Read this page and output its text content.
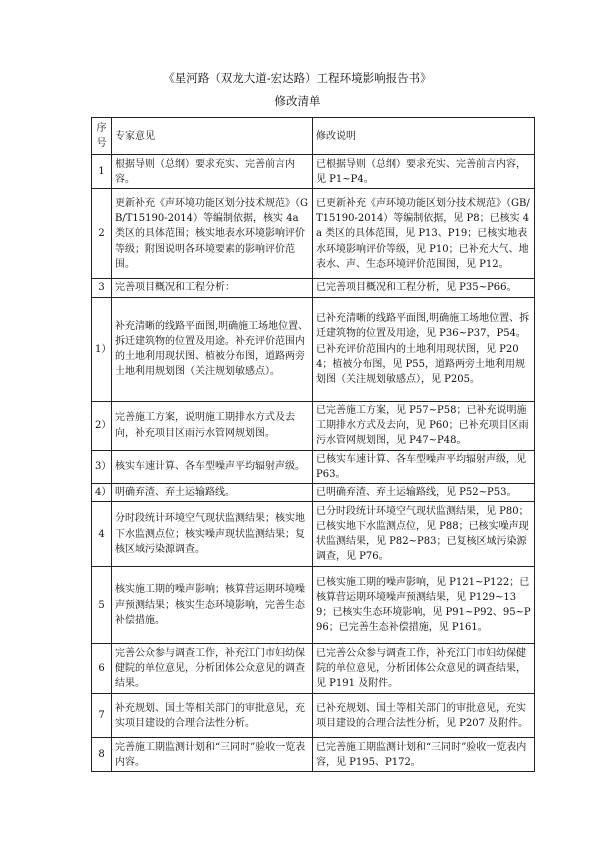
《星河路（双龙大道-宏达路）工程环境影响报告书》
修改清单
序号	专家意见	修改说明
1	根据导则（总纲）要求充实、完善前言内容。	已根据导则（总纲）要求充实、完善前言内容，见 P1~P4。
2	更新补充《声环境功能区划分技术规范》（GB/T15190-2014）等编制依据，核实 4a 类区的具体范围；核实地表水环境影响评价等级；附图说明各环境要素的影响评价范围。	已更新补充《声环境功能区划分技术规范》（GB/T15190-2014）等编制依据，见 P8；已核实 4a 类区的具体范围，见 P13、P19；已核实地表水环境影响评价等级，见 P10；已补充大气、地表水、声、生态环境评价范围图，见 P12。
3	完善项目概况和工程分析：	已完善项目概况和工程分析，见 P35~P66。
1）	补充清晰的线路平面图,明确施工场地位置、拆迁建筑物的位置及用途。补充评价范围内的土地利用现状图、植被分布图，道路两旁土地利用规划图（关注规划敏感点）。	已补充清晰的线路平面图,明确施工场地位置、拆迁建筑物的位置及用途，见 P36~P37，P54。已补充评价范围内的土地利用现状图，见 P204；植被分布图，见 P55，道路两旁土地利用规划图（关注规划敏感点），见 P205。
2）	完善施工方案，说明施工期排水方式及去向，补充项目区雨污水管网规划图。	已完善施工方案，见 P57~P58；已补充说明施工期排水方式及去向，见 P60；已补充项目区雨污水管网规划图，见 P47~P48。
3）	核实车速计算、各车型噪声平均辐射声级。	已核实车速计算、各车型噪声平均辐射声级，见 P63。
4）	明确弃渣、弃土运输路线。	已明确弃渣、弃土运输路线，见 P52~P53。
4	分时段统计环境空气现状监测结果；核实地下水监测点位；核实噪声现状监测结果；复核区域污染源调查。	已分时段统计环境空气现状监测结果，见 P80；已核实地下水监测点位，见 P88；已核实噪声现状监测结果，见 P82~P83；已复核区域污染源调查，见 P76。
5	核实施工期的噪声影响；核算营运期环境噪声预测结果；核实生态环境影响，完善生态补偿措施。	已核实施工期的噪声影响，见 P121~P122；已核算营运期环境噪声预测结果，见 P129~139；已核实生态环境影响，见 P91~P92、95~P96；已完善生态补偿措施，见 P161。
6	完善公众参与调查工作，补充江门市妇幼保健院的单位意见，分析团体公众意见的调查结果。	已完善公众参与调查工作，补充江门市妇幼保健院的单位意见，分析团体公众意见的调查结果，见 P191 及附件。
7	补充规划、国土等相关部门的审批意见，充实项目建设的合理合法性分析。	已补充规划、国土等相关部门的审批意见，充实项目建设的合理合法性分析，见 P207 及附件。
8	完善施工期监测计划和“三同时”验收一览表内容。	已完善施工期监测计划和“三同时”验收一览表内容，见 P195、P172。
